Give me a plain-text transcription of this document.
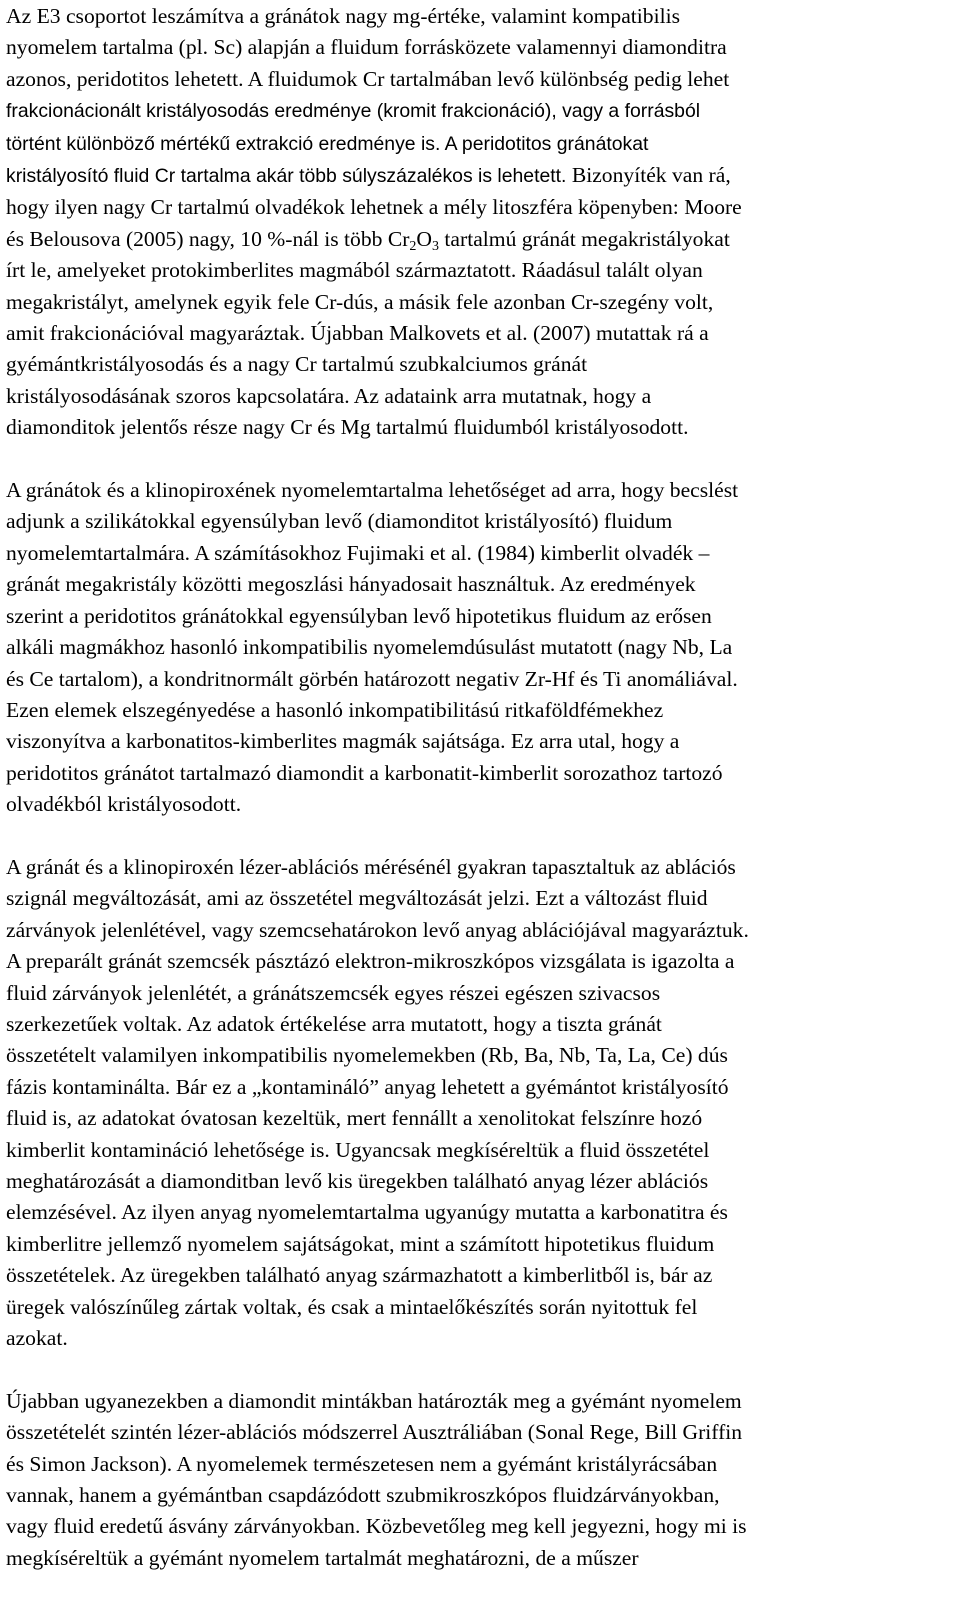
Az E3 csoportot leszámítva a gránátok nagy mg-értéke, valamint kompatibilis
nyomelem tartalma (pl. Sc) alapján a fluidum forrásközete valamennyi diamonditra
azonos, peridotitos lehetett. A fluidumok Cr tartalmában levő különbség pedig lehet
frakcionácionált kristályosodás eredménye (kromit frakcionáció), vagy a forrásból
történt különböző mértékű extrakció eredménye is. A peridotitos gránátokat
kristályosító fluid Cr tartalma akár több súlyszázalékos is lehetett. Bizonyíték van rá,
hogy ilyen nagy Cr tartalmú olvadékok lehetnek a mély litoszféra köpenyben: Moore
és Belousova (2005) nagy, 10 %-nál is több $Cr_2O_3$ tartalmú gránát megakristályokat
írt le, amelyeket protokimberlites magmából származtatott. Ráadásul talált olyan
megakristályt, amelynek egyik fele Cr-dús, a másik fele azonban Cr-szegény volt,
amit frakcionációval magyaráztak. Újabban Malkovets et al. (2007) mutattak rá a
gyémántkristályosodás és a nagy Cr tartalmú szubkalciumos gránát
kristályosodásának szoros kapcsolatára. Az adataink arra mutatnak, hogy a
diamonditok jelentős része nagy Cr és Mg tartalmú fluidumból kristályosodott.
A gránátok és a klinopiroxének nyomelemtartalma lehetőséget ad arra, hogy becslést
adjunk a szilikátokkal egyensúlyban levő (diamonditot kristályosító) fluidum
nyomelemtartalmára. A számításokhoz Fujimaki et al. (1984) kimberlit olvadék –
gránát megakristály közötti megoszlási hányadosait használtuk. Az eredmények
szerint a peridotitos gránátokkal egyensúlyban levő hipotetikus fluidum az erősen
alkáli magmákhoz hasonló inkompatibilis nyomelemdúsulást mutatott (nagy Nb, La
és Ce tartalom), a kondritnormált görbén határozott negativ Zr-Hf és Ti anomáliával.
Ezen elemek elszegényedése a hasonló inkompatibilitású ritkaföldfémekhez
viszonyítva a karbonatitos-kimberlites magmák sajátsága. Ez arra utal, hogy a
peridotitos gránátot tartalmazó diamondit a karbonatit-kimberlit sorozathoz tartozó
olvadékból kristályosodott.
A gránát és a klinopiroxén lézer-ablációs mérésénél gyakran tapasztaltuk az ablációs
szignál megváltozását, ami az összetétel megváltozását jelzi. Ezt a változást fluid
zárványok jelenlétével, vagy szemcsehatárokon levő anyag ablációjával magyaráztuk.
A preparált gránát szemcsék pásztázó elektron-mikroszkópos vizsgálata is igazolta a
fluid zárványok jelenlétét, a gránátszemcsék egyes részei egészen szivacsos
szerkezetűek voltak. Az adatok értékelése arra mutatott, hogy a tiszta gránát
összetételt valamilyen inkompatibilis nyomelemekben (Rb, Ba, Nb, Ta, La, Ce) dús
fázis kontaminálta. Bár ez a „kontamináló” anyag lehetett a gyémántot kristályosító
fluid is, az adatokat óvatosan kezeltük, mert fennállt a xenolitokat felszínre hozó
kimberlit kontamináció lehetősége is. Ugyancsak megkíséreltük a fluid összetétel
meghatározását a diamonditban levő kis üregekben található anyag lézer ablációs
elemzésével. Az ilyen anyag nyomelemtartalma ugyanúgy mutatta a karbonatitra és
kimberlitre jellemző nyomelem sajátságokat, mint a számított hipotetikus fluidum
összetételek. Az üregekben található anyag származhatott a kimberlitből is, bár az
üregek valószínűleg zártak voltak, és csak a mintaelőkészítés során nyitottuk fel
azokat.
Újabban ugyanezekben a diamondit mintákban határozták meg a gyémánt nyomelem
összetételét szintén lézer-ablációs módszerrel Ausztráliában (Sonal Rege, Bill Griffin
és Simon Jackson). A nyomelemek természetesen nem a gyémánt kristályrácsában
vannak, hanem a gyémántban csapdázódott szubmikroszkópos fluidzárványokban,
vagy fluid eredetű ásvány zárványokban. Közbevetőleg meg kell jegyezni, hogy mi is
megkíséreltük a gyémánt nyomelem tartalmát meghatározni, de a műszer
